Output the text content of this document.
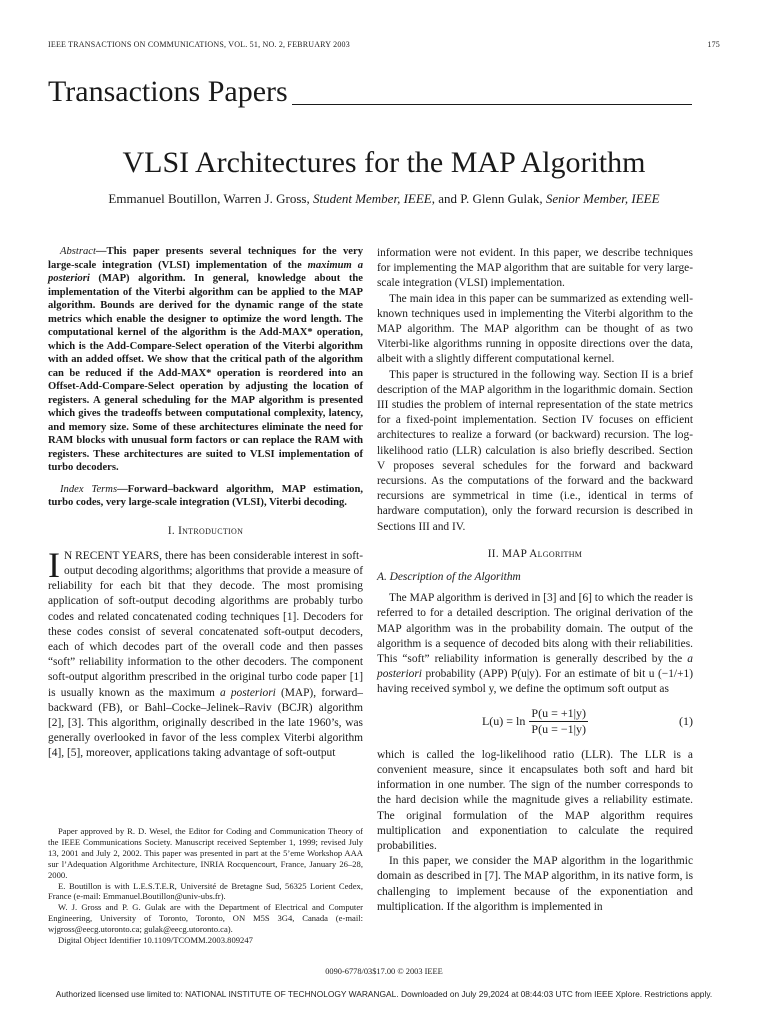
IEEE TRANSACTIONS ON COMMUNICATIONS, VOL. 51, NO. 2, FEBRUARY 2003	175
Transactions Papers
VLSI Architectures for the MAP Algorithm
Emmanuel Boutillon, Warren J. Gross, Student Member, IEEE, and P. Glenn Gulak, Senior Member, IEEE

Abstract—This paper presents several techniques for the very large-scale integration (VLSI) implementation of the maximum a posteriori (MAP) algorithm. In general, knowledge about the implementation of the Viterbi algorithm can be applied to the MAP algorithm. Bounds are derived for the dynamic range of the state metrics which enable the designer to optimize the word length. The computational kernel of the algorithm is the Add-MAX* operation, which is the Add-Compare-Select operation of the Viterbi algorithm with an added offset. We show that the critical path of the algorithm can be reduced if the Add-MAX* operation is reordered into an Offset-Add-Compare-Select operation by adjusting the location of registers. A general scheduling for the MAP algorithm is presented which gives the tradeoffs between computational complexity, latency, and memory size. Some of these architectures eliminate the need for RAM blocks with unusual form factors or can replace the RAM with registers. These architectures are suited to VLSI implementation of turbo decoders.

Index Terms—Forward–backward algorithm, MAP estimation, turbo codes, very large-scale integration (VLSI), Viterbi decoding.

I. Introduction

I N RECENT YEARS, there has been considerable interest in soft-output decoding algorithms; algorithms that provide a measure of reliability for each bit that they decode. The most promising application of soft-output decoding algorithms are probably turbo codes and related concatenated coding techniques [1]. Decoders for these codes consist of several concatenated soft-output decoders, each of which decodes part of the overall code and then passes “soft” reliability information to the other decoders. The component soft-output algorithm prescribed in the original turbo code paper [1] is usually known as the maximum a posteriori (MAP), forward–backward (FB), or Bahl–Cocke–Jelinek–Raviv (BCJR) algorithm [2], [3]. This algorithm, originally described in the late 1960’s, was generally overlooked in favor of the less complex Viterbi algorithm [4], [5], moreover, applications taking advantage of soft-output

information were not evident. In this paper, we describe techniques for implementing the MAP algorithm that are suitable for very large-scale integration (VLSI) implementation.

The main idea in this paper can be summarized as extending well-known techniques used in implementing the Viterbi algorithm to the MAP algorithm. The MAP algorithm can be thought of as two Viterbi-like algorithms running in opposite directions over the data, albeit with a slightly different computational kernel.

This paper is structured in the following way. Section II is a brief description of the MAP algorithm in the logarithmic domain. Section III studies the problem of internal representation of the state metrics for a fixed-point implementation. Section IV focuses on efficient architectures to realize a forward (or backward) recursion. The log-likelihood ratio (LLR) calculation is also briefly described. Section V proposes several schedules for the forward and backward recursions. As the computations of the forward and the backward recursions are symmetrical in time (i.e., identical in terms of hardware computation), only the forward recursion is described in Sections III and IV.

II. MAP Algorithm
A. Description of the Algorithm

The MAP algorithm is derived in [3] and [6] to which the reader is referred to for a detailed description. The original derivation of the MAP algorithm was in the probability domain. The output of the algorithm is a sequence of decoded bits along with their reliabilities. This “soft” reliability information is generally described by the a posteriori probability (APP) P(u|y). For an estimate of bit u (−1/+1) having received symbol y, we define the optimum soft output as

$L(u) = \ln \frac{P(u = +1|y)}{P(u = -1|y)}$	(1)

which is called the log-likelihood ratio (LLR). The LLR is a convenient measure, since it encapsulates both soft and hard bit information in one number. The sign of the number corresponds to the hard decision while the magnitude gives a reliability estimate. The original formulation of the MAP algorithm requires multiplication and exponentiation to calculate the required probabilities.

In this paper, we consider the MAP algorithm in the logarithmic domain as described in [7]. The MAP algorithm, in its native form, is challenging to implement because of the exponentiation and multiplication. If the algorithm is implemented in

Paper approved by R. D. Wesel, the Editor for Coding and Communication Theory of the IEEE Communications Society. Manuscript received September 1, 1999; revised July 13, 2001 and July 2, 2002. This paper was presented in part at the 5’eme Workshop AAA sur l’Adequation Algorithme Architecture, INRIA Rocquencourt, France, January 26–28, 2000.

E. Boutillon is with L.E.S.T.E.R, Université de Bretagne Sud, 56325 Lorient Cedex, France (e-mail: Emmanuel.Boutillon@univ-ubs.fr).

W. J. Gross and P. G. Gulak are with the Department of Electrical and Computer Engineering, University of Toronto, Toronto, ON M5S 3G4, Canada (e-mail: wjgross@eecg.utoronto.ca; gulak@eecg.utoronto.ca).

Digital Object Identifier 10.1109/TCOMM.2003.809247

0090-6778/03$17.00 © 2003 IEEE
Authorized licensed use limited to: NATIONAL INSTITUTE OF TECHNOLOGY WARANGAL. Downloaded on July 29,2024 at 08:44:03 UTC from IEEE Xplore. Restrictions apply.
